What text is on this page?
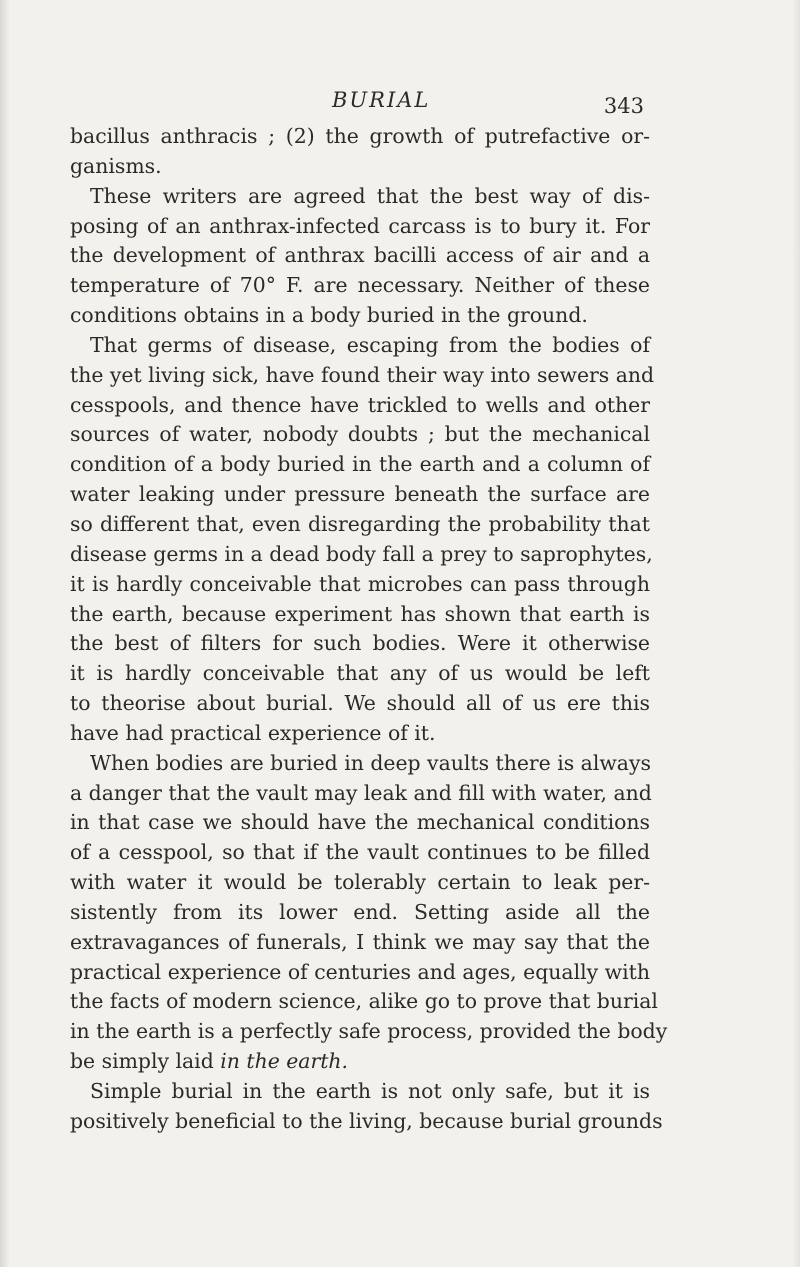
BURIAL	343
bacillus anthracis ; (2) the growth of putrefactive or-
ganisms.
These writers are agreed that the best way of dis-
posing of an anthrax-infected carcass is to bury it. For
the development of anthrax bacilli access of air and a
temperature of 70° F. are necessary. Neither of these
conditions obtains in a body buried in the ground.
That germs of disease, escaping from the bodies of
the yet living sick, have found their way into sewers and
cesspools, and thence have trickled to wells and other
sources of water, nobody doubts ; but the mechanical
condition of a body buried in the earth and a column of
water leaking under pressure beneath the surface are
so different that, even disregarding the probability that
disease germs in a dead body fall a prey to saprophytes,
it is hardly conceivable that microbes can pass through
the earth, because experiment has shown that earth is
the best of filters for such bodies. Were it otherwise
it is hardly conceivable that any of us would be left
to theorise about burial. We should all of us ere this
have had practical experience of it.
When bodies are buried in deep vaults there is always
a danger that the vault may leak and fill with water, and
in that case we should have the mechanical conditions
of a cesspool, so that if the vault continues to be filled
with water it would be tolerably certain to leak per-
sistently from its lower end. Setting aside all the
extravagances of funerals, I think we may say that the
practical experience of centuries and ages, equally with
the facts of modern science, alike go to prove that burial
in the earth is a perfectly safe process, provided the body
be simply laid in the earth.
Simple burial in the earth is not only safe, but it is
positively beneficial to the living, because burial grounds
